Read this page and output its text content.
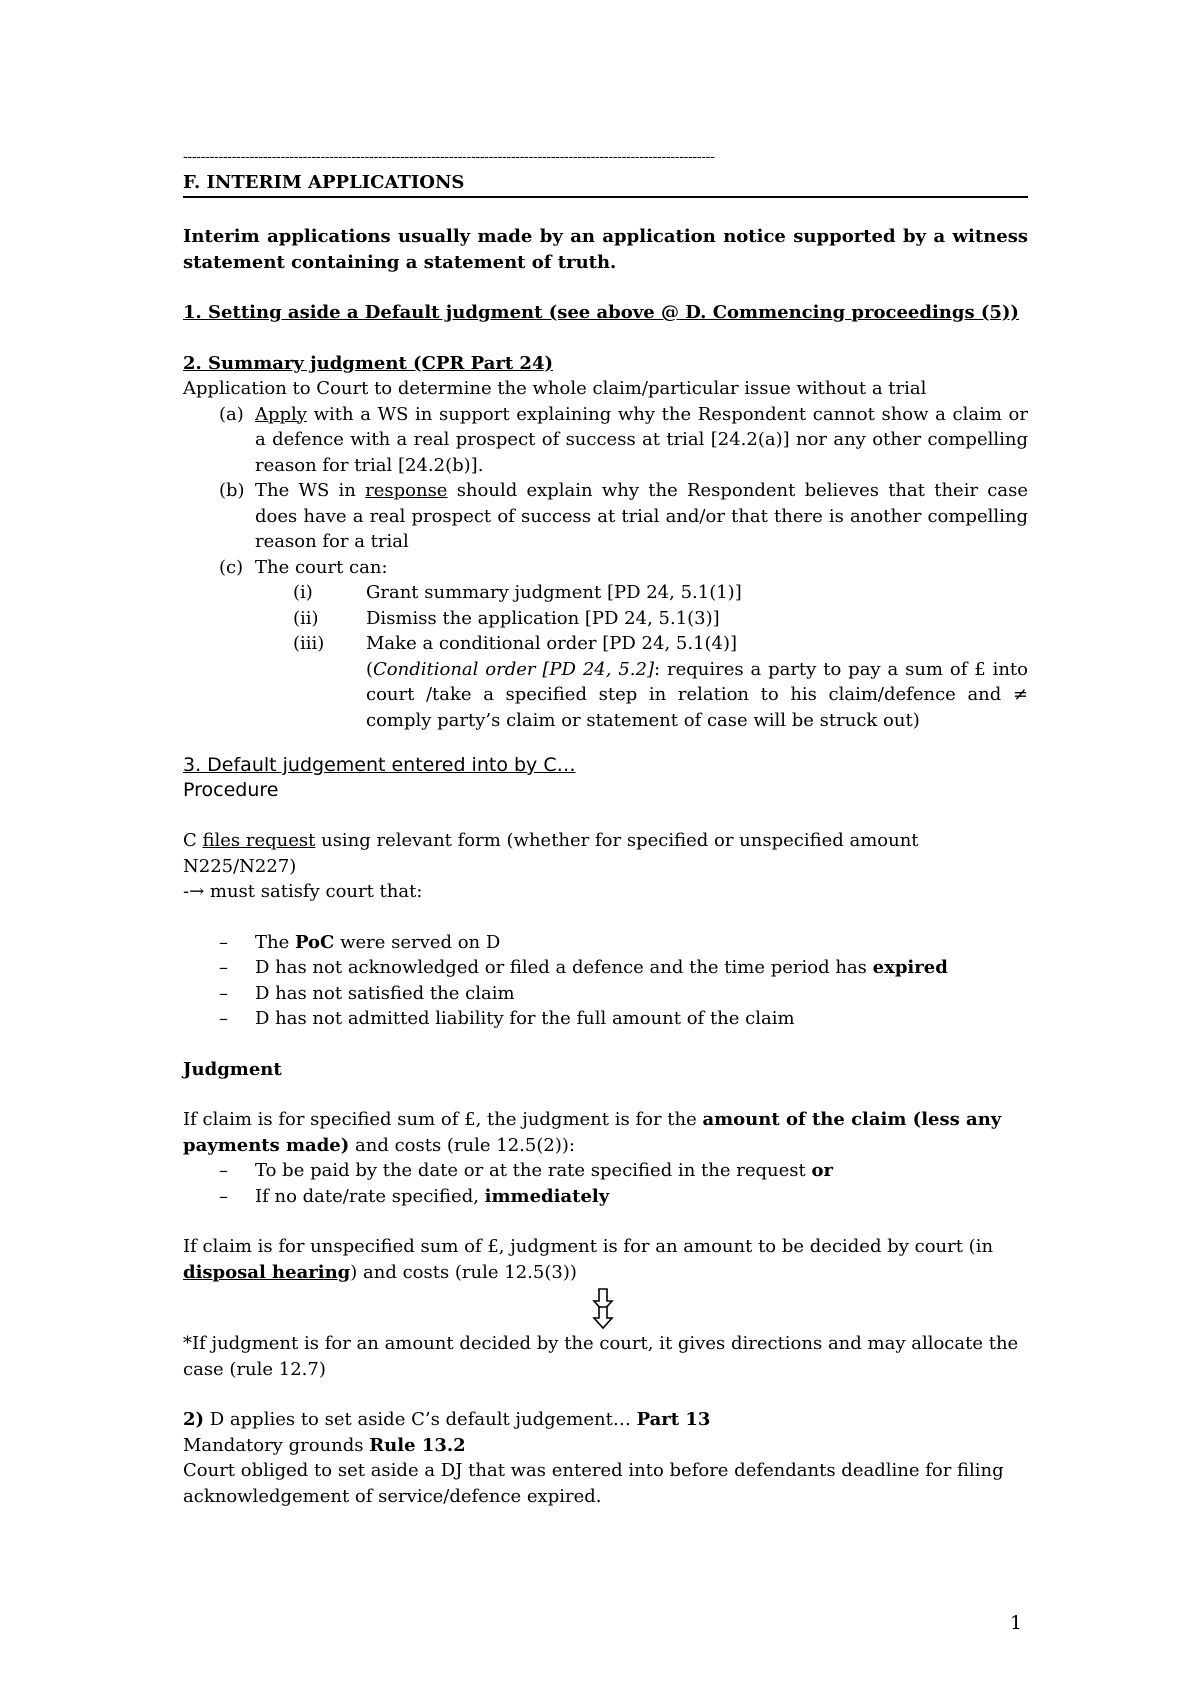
------------------------------------------------------------------------------------------------------------------------
F. INTERIM APPLICATIONS

Interim applications usually made by an application notice supported by a witness statement containing a statement of truth.

1. Setting aside a Default judgment (see above @ D. Commencing proceedings (5))

2. Summary judgment (CPR Part 24)

Application to Court to determine the whole claim/particular issue without a trial

(a) Apply with a WS in support explaining why the Respondent cannot show a claim or a defence with a real prospect of success at trial [24.2(a)] nor any other compelling reason for trial [24.2(b)].
(b) The WS in response should explain why the Respondent believes that their case does have a real prospect of success at trial and/or that there is another compelling reason for a trial
(c) The court can:
(i)	Grant summary judgment [PD 24, 5.1(1)]
(ii)	Dismiss the application [PD 24, 5.1(3)]
(iii) Make a conditional order [PD 24, 5.1(4)]

(Conditional order [PD 24, 5.2]: requires a party to pay a sum of £ into court /take a specified step in relation to his claim/defence and ≠ comply party’s claim or statement of case will be struck out)

3. Default judgement entered into by C…

Procedure

C files request using relevant form (whether for specified or unspecified amount N225/N227)

-→ must satisfy court that:

– The PoC were served on D
– D has not acknowledged or filed a defence and the time period has expired
– D has not satisfied the claim
– D has not admitted liability for the full amount of the claim

Judgment

If claim is for specified sum of £, the judgment is for the amount of the claim (less any payments made) and costs (rule 12.5(2)):

– To be paid by the date or at the rate specified in the request or
– If no date/rate specified, immediately

If claim is for unspecified sum of £, judgment is for an amount to be decided by court (in disposal hearing) and costs (rule 12.5(3))

*If judgment is for an amount decided by the court, it gives directions and may allocate the case (rule 12.7)

2) D applies to set aside C’s default judgement… Part 13

Mandatory grounds Rule 13.2

Court obliged to set aside a DJ that was entered into before defendants deadline for filing acknowledgement of service/defence expired.

1
